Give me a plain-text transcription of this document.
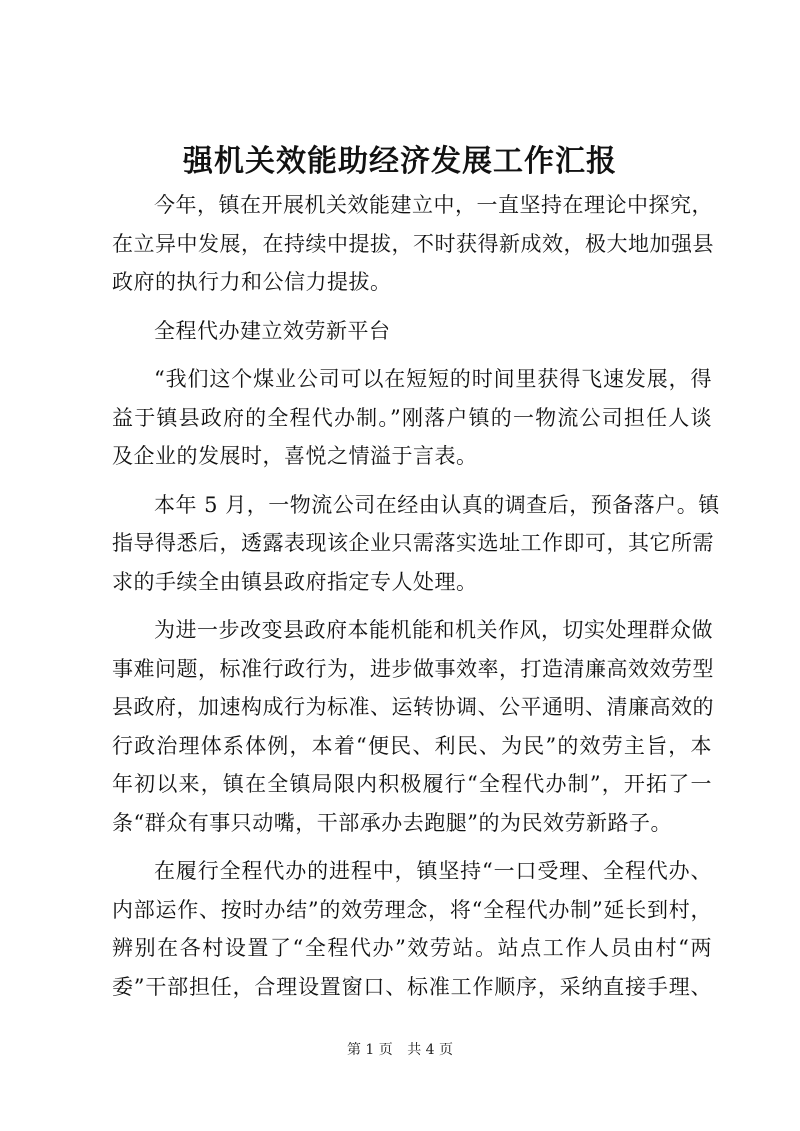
强机关效能助经济发展工作汇报
今年，镇在开展机关效能建立中，一直坚持在理论中探究，
在立异中发展，在持续中提拔，不时获得新成效，极大地加强县
政府的执行力和公信力提拔。
全程代办建立效劳新平台
“我们这个煤业公司可以在短短的时间里获得飞速发展，得
益于镇县政府的全程代办制。”刚落户镇的一物流公司担任人谈
及企业的发展时，喜悦之情溢于言表。
本年 5 月，一物流公司在经由认真的调查后，预备落户。镇
指导得悉后，透露表现该企业只需落实选址工作即可，其它所需
求的手续全由镇县政府指定专人处理。
为进一步改变县政府本能机能和机关作风，切实处理群众做
事难问题，标准行政行为，进步做事效率，打造清廉高效效劳型
县政府，加速构成行为标准、运转协调、公平通明、清廉高效的
行政治理体系体例，本着“便民、利民、为民”的效劳主旨，本
年初以来，镇在全镇局限内积极履行“全程代办制”，开拓了一
条“群众有事只动嘴，干部承办去跑腿”的为民效劳新路子。
在履行全程代办的进程中，镇坚持“一口受理、全程代办、
内部运作、按时办结”的效劳理念，将“全程代办制”延长到村，
辨别在各村设置了“全程代办”效劳站。站点工作人员由村“两
委”干部担任，合理设置窗口、标准工作顺序，采纳直接手理、
第 1 页 共 4 页
